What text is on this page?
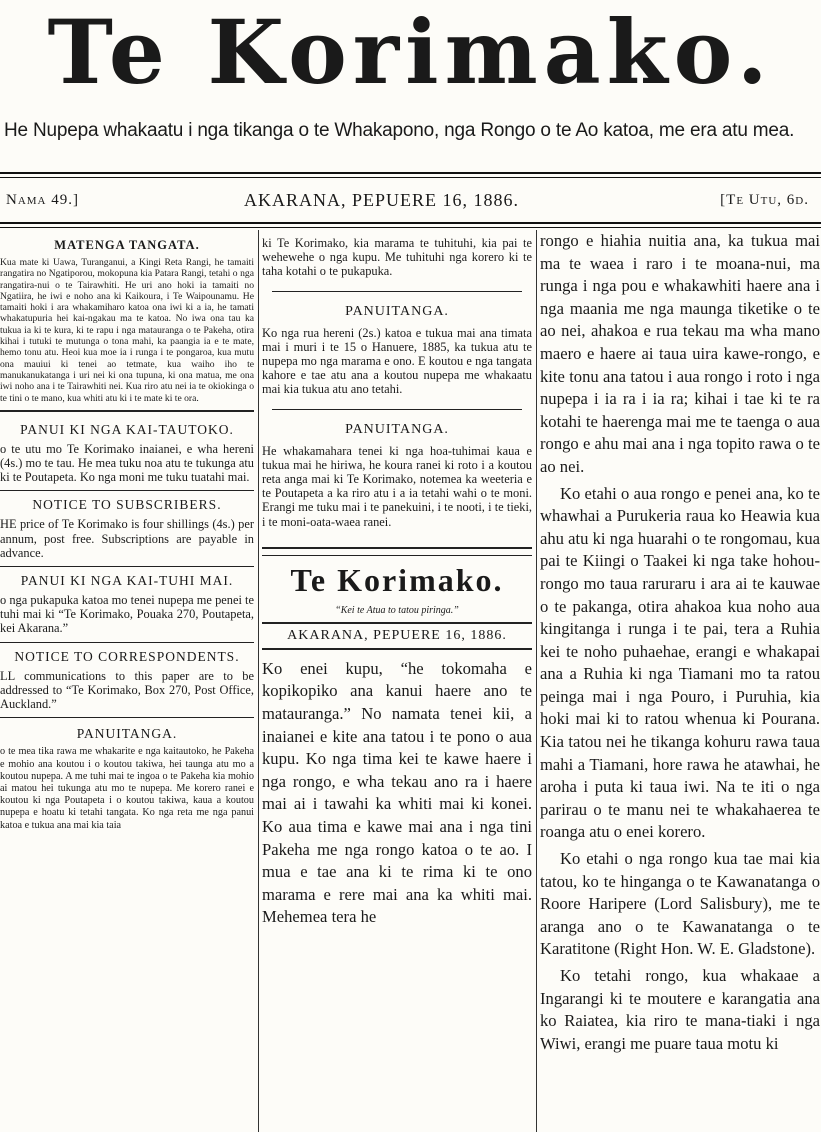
Te Korimako.
He Nupepa whakaatu i nga tikanga o te Whakapono, nga Rongo o te Ao katoa, me era atu mea.
Nama 49.]	AKARANA, PEPUERE 16, 1886.	[Te Utu, 6d.
MATENGA TANGATA.

Kua mate ki Uawa, Turanganui, a Kingi Reta Rangi, he tamaiti rangatira no Ngatiporou, mokopuna kia Patara Rangi, tetahi o nga rangatira-nui o te Tairawhiti. He uri ano hoki ia tamaiti no Ngatiira, he iwi e noho ana ki Kaikoura, i Te Waipounamu. He tamaiti hoki i ara whakamiharo katoa ona iwi ki a ia, he tamati whakatupuria hei kai-ngakau ma te katoa. No iwa ona tau ka tukua ia ki te kura, ki te rapu i nga matauranga o te Pakeha, otira kihai i tutuki te mutunga o tona mahi, ka paangia ia e te mate, hemo tonu atu. Heoi kua moe ia i runga i te pongaroa, kua mutu ona mauiui ki tenei ao tetmate, kua waiho iho te manukanukatanga i uri nei ki ona tupuna, ki ona matua, me ona iwi noho ana i te Tairawhiti nei. Kua riro atu nei ia te okiokinga o te tini o te mano, kua whiti atu ki i te mate ki te ora.

PANUI KI NGA KAI-TAUTOKO.

o te utu mo Te Korimako inaianei, e wha hereni (4s.) mo te tau. He mea tuku noa atu te tukunga atu ki te Poutapeta. Ko nga moni me tuku tuatahi mai.

NOTICE TO SUBSCRIBERS.

HE price of Te Korimako is four shillings (4s.) per annum, post free. Subscriptions are payable in advance.

PANUI KI NGA KAI-TUHI MAI.

o nga pukapuka katoa mo tenei nupepa me penei te tuhi mai ki “Te Korimako, Pouaka 270, Poutapeta, kei Akarana.”

NOTICE TO CORRESPONDENTS.

LL communications to this paper are to be addressed to “Te Korimako, Box 270, Post Office, Auckland.”

PANUITANGA.

o te mea tika rawa me whakarite e nga kaitautoko, he Pakeha e mohio ana koutou i o koutou takiwa, hei taunga atu mo a koutou nupepa. A me tuhi mai te ingoa o te Pakeha kia mohio ai matou hei tukunga atu mo te nupepa. Me korero ranei e koutou ki nga Poutapeta i o koutou takiwa, kaua a koutou nupepa e hoatu ki tetahi tangata. Ko nga reta me nga panui katoa e tukua ana mai kia taia

ki Te Korimako, kia marama te tuhituhi, kia pai te wehewehe o nga kupu. Me tuhituhi nga korero ki te taha kotahi o te pukapuka.

PANUITANGA.

Ko nga rua hereni (2s.) katoa e tukua mai ana timata mai i muri i te 15 o Hanuere, 1885, ka tukua atu te nupepa mo nga marama e ono. E koutou e nga tangata kahore e tae atu ana a koutou nupepa me whakaatu mai kia tukua atu ano tetahi.

PANUITANGA.

He whakamahara tenei ki nga hoa-tuhimai kaua e tukua mai he hiriwa, he koura ranei ki roto i a koutou reta anga mai ki Te Korimako, notemea ka weeteria e te Poutapeta a ka riro atu i a ia tetahi wahi o te moni. Erangi me tuku mai i te panekuini, i te nooti, i te tieki, i te moni-oata-waea ranei.

Te Korimako.
“Kei te Atua to tatou piringa.”
AKARANA, PEPUERE 16, 1886.

Ko enei kupu, “he tokomaha e kopikopiko ana kanui haere ano te matauranga.” No namata tenei kii, a inaianei e kite ana tatou i te pono o aua kupu. Ko nga tima kei te kawe haere i nga rongo, e wha tekau ano ra i haere mai ai i tawahi ka whiti mai ki konei. Ko aua tima e kawe mai ana i nga tini Pakeha me nga rongo katoa o te ao. I mua e tae ana ki te rima ki te ono marama e rere mai ana ka whiti mai. Mehemea tera he

rongo e hiahia nuitia ana, ka tukua mai ma te waea i raro i te moana-nui, ma runga i nga pou e whakawhiti haere ana i nga maania me nga maunga tiketike o te ao nei, ahakoa e rua tekau ma wha mano maero e haere ai taua uira kawe-rongo, e kite tonu ana tatou i aua rongo i roto i nga nupepa i ia ra i ia ra; kihai i tae ki te ra kotahi te haerenga mai me te taenga o aua rongo e ahu mai ana i nga topito rawa o te ao nei.

Ko etahi o aua rongo e penei ana, ko te whawhai a Purukeria raua ko Heawia kua ahu atu ki nga huarahi o te rongomau, kua pai te Kiingi o Taakei ki nga take hohou-rongo mo taua raruraru i ara ai te kauwae o te pakanga, otira ahakoa kua noho aua kingitanga i runga i te pai, tera a Ruhia kei te noho puhaehae, erangi e whakapai ana a Ruhia ki nga Tiamani mo ta ratou peinga mai i nga Pouro, i Puruhia, kia hoki mai ki to ratou whenua ki Pourana. Kia tatou nei he tikanga kohuru rawa taua mahi a Tiamani, hore rawa he atawhai, he aroha i puta ki taua iwi. Na te iti o nga parirau o te manu nei te whakahaerea te roanga atu o enei korero.

Ko etahi o nga rongo kua tae mai kia tatou, ko te hinganga o te Kawanatanga o Roore Haripere (Lord Salisbury), me te aranga ano o te Kawanatanga o te Karatitone (Right Hon. W. E. Gladstone).

Ko tetahi rongo, kua whakaae a Ingarangi ki te moutere e karangatia ana ko Raiatea, kia riro te mana-tiaki i nga Wiwi, erangi me puare taua motu ki
